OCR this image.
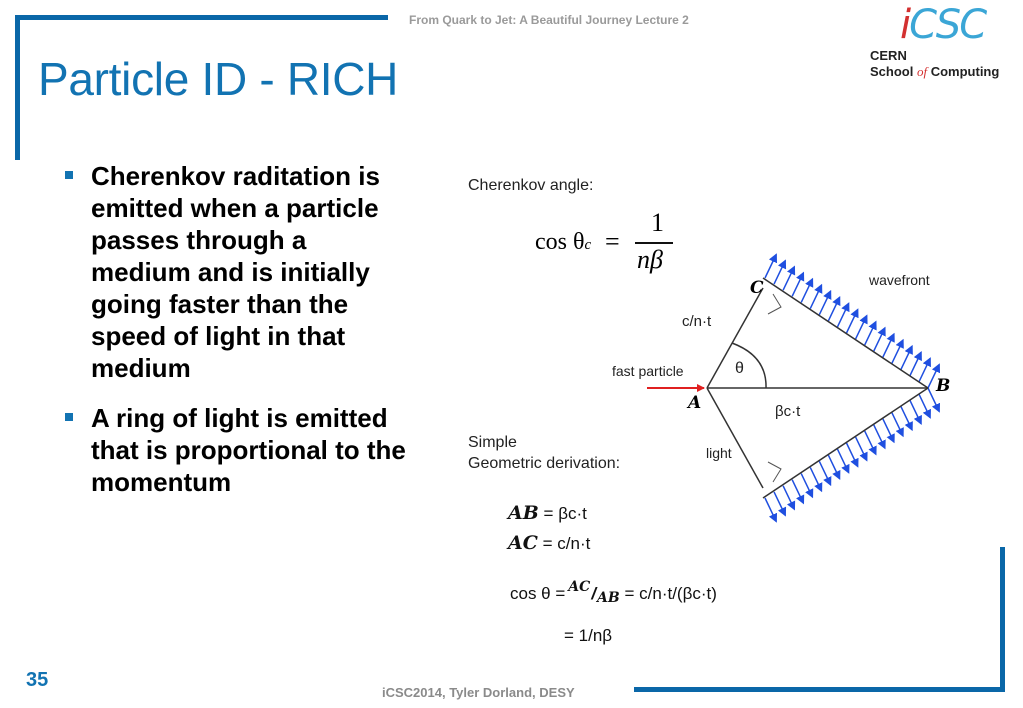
From Quark to Jet: A Beautiful Journey Lecture 2	iCSC
CERN
School of Computing
Particle ID - RICH
Cherenkov raditation is emitted when a particle passes through a medium and is initially going faster than the speed of light in that medium
A ring of light is emitted that is proportional to the momentum
Cherenkov angle:
cos θc =
1
nβ
C	wavefront
c/n·t
θ
fast particle
A
B
βc·t
light
Simple
Geometric derivation:
AB = βc·t
AC = c/n·t
cos θ = $^{AC}$/AB = c/n·t/(βc·t)
= 1/nβ
35
iCSC2014, Tyler Dorland, DESY
